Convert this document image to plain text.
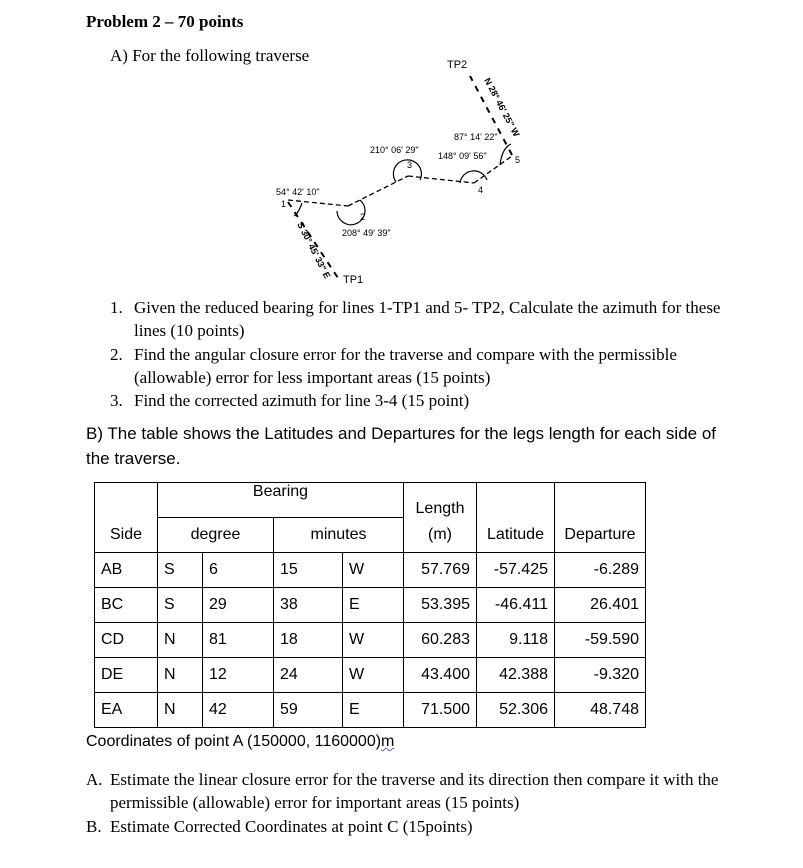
Problem 2 – 70 points
A) For the following traverse
1
2
3
4
5
54° 42' 10"
208° 49' 39"
210° 06' 29"
148° 09' 56"
87° 14' 22"
S 30° 45' 33" E
N 28° 46' 25" W
TP2
TP1
1. Given the reduced bearing for lines 1-TP1 and 5- TP2, Calculate the azimuth for these lines (10 points)
2. Find the angular closure error for the traverse and compare with the permissible (allowable) error for less important areas (15 points)
3. Find the corrected azimuth for line 3-4 (15 point)
B) The table shows the Latitudes and Departures for the legs length for each side of the traverse.
	Bearing				Length		
Side	degree		minutes		(m)	Latitude	Departure
AB	S	6	15	W	57.769	-57.425	-6.289
BC	S	29	38	E	53.395	-46.411	26.401
CD	N	81	18	W	60.283	9.118	-59.590
DE	N	12	24	W	43.400	42.388	-9.320
EA	N	42	59	E	71.500	52.306	48.748
Coordinates of point A (150000, 1160000)m
A. Estimate the linear closure error for the traverse and its direction then compare it with the permissible (allowable) error for important areas (15 points)
B. Estimate Corrected Coordinates at point C (15points)
